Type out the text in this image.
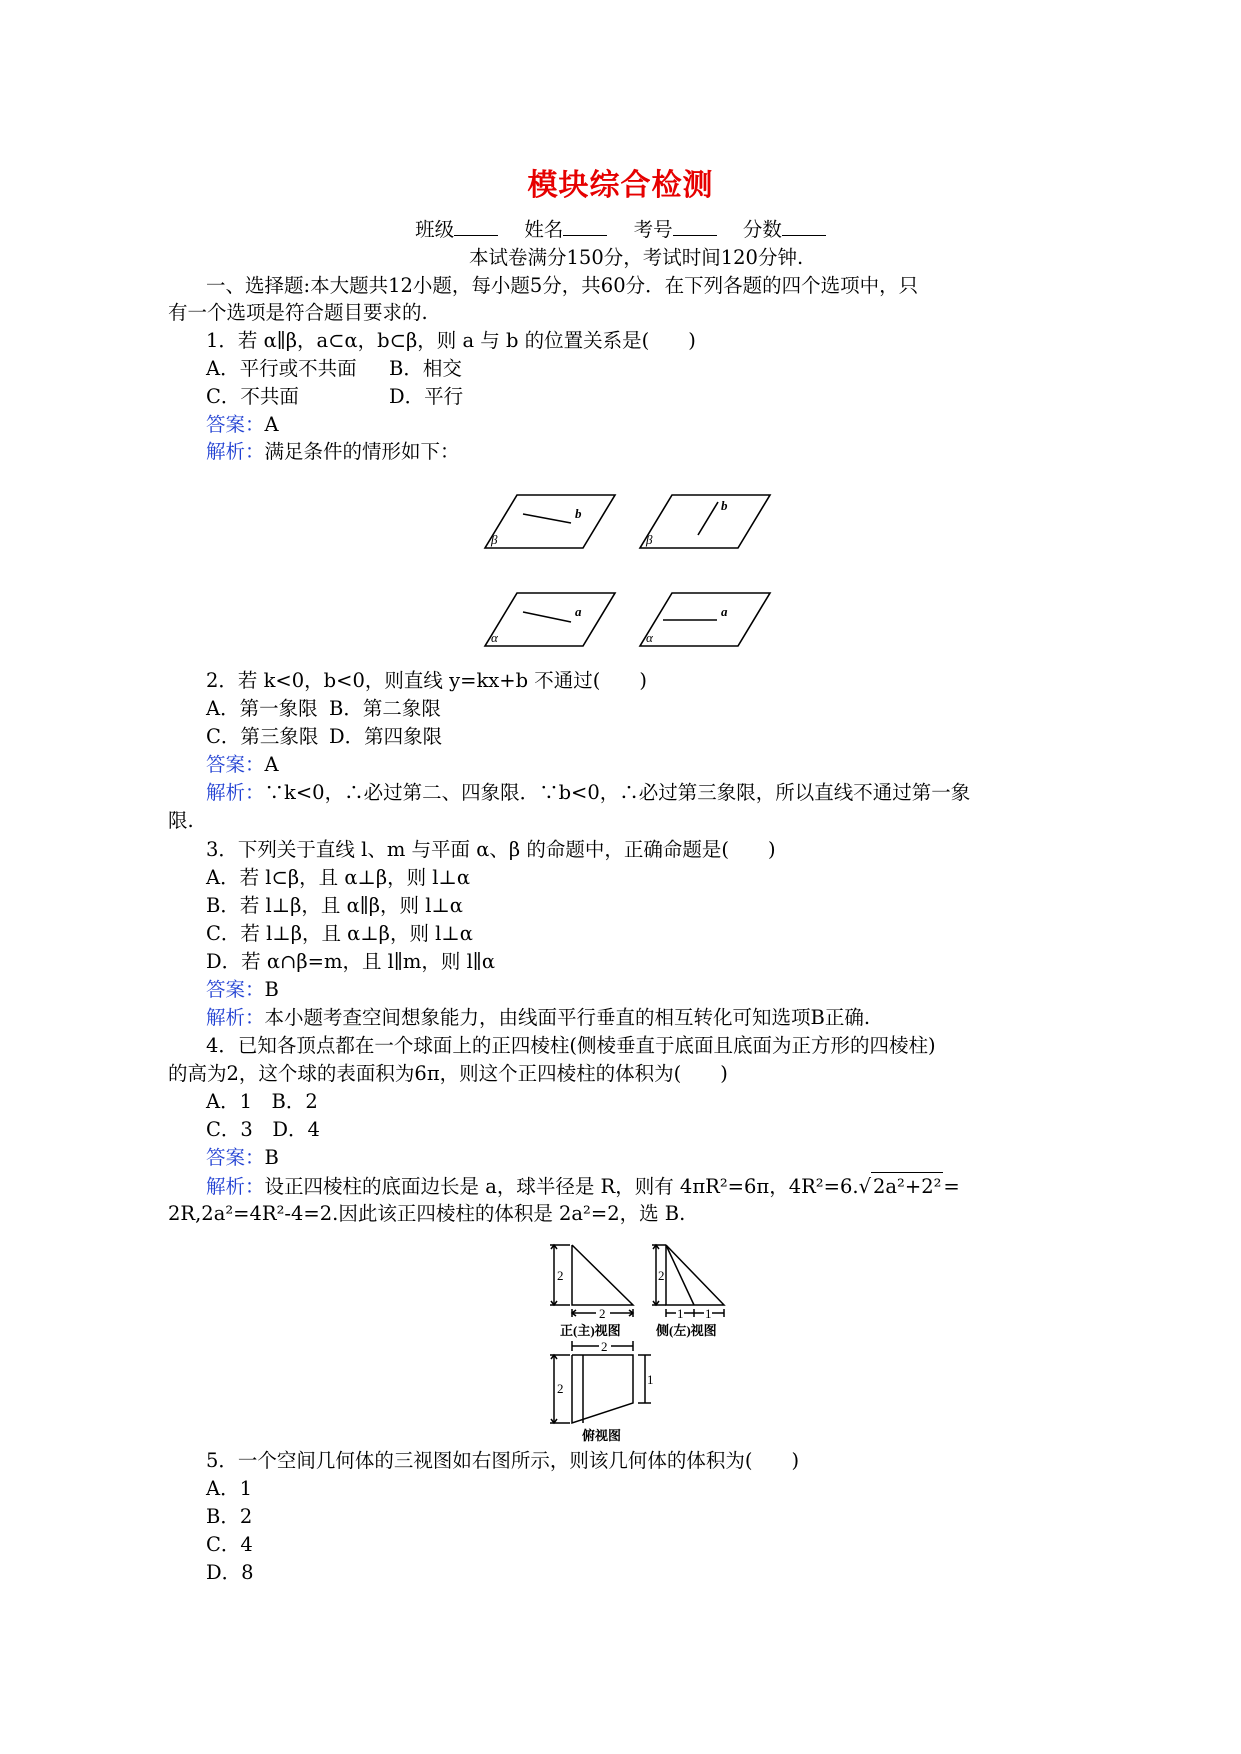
模块综合检测
班级	姓名	考号	分数
本试卷满分150分，考试时间120分钟.
一、选择题:本大题共12小题，每小题5分，共60分．在下列各题的四个选项中，只
有一个选项是符合题目要求的.
1．若 α∥β，a⊂α，b⊂β，则 a 与 b 的位置关系是(　　)
A．平行或不共面 B．相交
C．不共面	D．平行
答案：A
解析：满足条件的情形如下：
b
β
b
β
a
α
a
α
2．若 k<0，b<0，则直线 y=kx+b 不通过(　　)
A．第一象限 B．第二象限
C．第三象限 D．第四象限
答案：A
解析：∵k<0，∴必过第二、四象限．∵b<0，∴必过第三象限，所以直线不通过第一象
限.
3．下列关于直线 l、m 与平面 α、β 的命题中，正确命题是(　　)
A．若 l⊂β，且 α⊥β，则 l⊥α
B．若 l⊥β，且 α∥β，则 l⊥α
C．若 l⊥β，且 α⊥β，则 l⊥α
D．若 α∩β=m，且 l∥m，则 l∥α
答案：B
解析：本小题考查空间想象能力，由线面平行垂直的相互转化可知选项B正确.
4．已知各顶点都在一个球面上的正四棱柱(侧棱垂直于底面且底面为正方形的四棱柱)
的高为2，这个球的表面积为6π，则这个正四棱柱的体积为(　　)
A．1　B．2
C．3　D．4
答案：B
解析：设正四棱柱的底面边长是 a，球半径是 R，则有 4πR²=6π，4R²=6.√ 2a²+2² =
2R,2a²=4R²-4=2.因此该正四棱柱的体积是 2a²=2，选 B.
2
2
正(主)视图
2
1 1
侧(左)视图
2
2
1
俯视图
5．一个空间几何体的三视图如右图所示，则该几何体的体积为(　　)
A．1
B．2
C．4
D．8
